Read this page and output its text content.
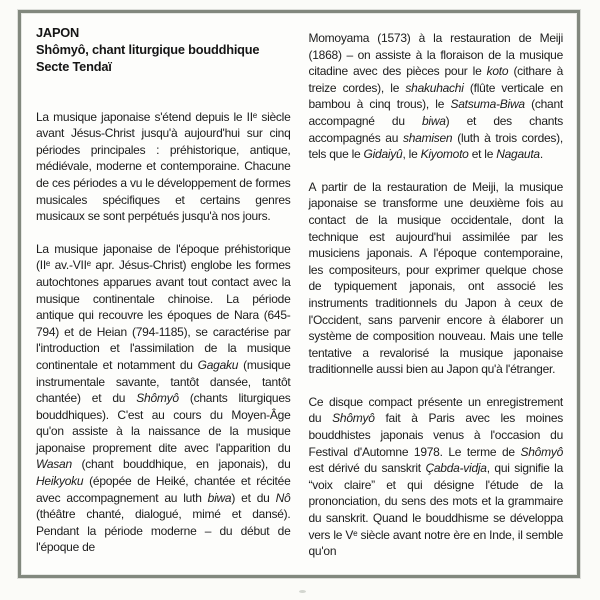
JAPON
Shômyô, chant liturgique bouddhique
Secte Tendaï

La musique japonaise s'étend depuis le IIᵉ siècle avant Jésus-Christ jusqu'à aujourd'hui sur cinq périodes principales : préhistorique, antique, médiévale, moderne et contemporaine. Chacune de ces périodes a vu le développement de formes musicales spécifiques et certains genres musicaux se sont perpétués jusqu'à nos jours.

La musique japonaise de l'époque préhistorique (IIᵉ av.-VIIᵉ apr. Jésus-Christ) englobe les formes autochtones apparues avant tout contact avec la musique continentale chinoise. La période antique qui recouvre les époques de Nara (645-794) et de Heian (794-1185), se caractérise par l'introduction et l'assimilation de la musique continentale et notamment du Gagaku (musique instrumentale savante, tantôt dansée, tantôt chantée) et du Shômyô (chants liturgiques bouddhiques). C'est au cours du Moyen-Âge qu'on assiste à la naissance de la musique japonaise proprement dite avec l'apparition du Wasan (chant bouddhique, en japonais), du Heikyoku (épopée de Heiké, chantée et récitée avec accompagnement au luth biwa) et du Nô (théâtre chanté, dialogué, mimé et dansé). Pendant la période moderne – du début de l'époque de

Momoyama (1573) à la restauration de Meiji (1868) – on assiste à la floraison de la musique citadine avec des pièces pour le koto (cithare à treize cordes), le shakuhachi (flûte verticale en bambou à cinq trous), le Satsuma-Biwa (chant accompagné du biwa) et des chants accompagnés au shamisen (luth à trois cordes), tels que le Gidaiyû, le Kiyomoto et le Nagauta.

A partir de la restauration de Meiji, la musique japonaise se transforme une deuxième fois au contact de la musique occidentale, dont la technique est aujourd'hui assimilée par les musiciens japonais. A l'époque contemporaine, les compositeurs, pour exprimer quelque chose de typiquement japonais, ont associé les instruments traditionnels du Japon à ceux de l'Occident, sans parvenir encore à élaborer un système de composition nouveau. Mais une telle tentative a revalorisé la musique japonaise traditionnelle aussi bien au Japon qu'à l'étranger.

Ce disque compact présente un enregistrement du Shômyô fait à Paris avec les moines bouddhistes japonais venus à l'occasion du Festival d'Automne 1978. Le terme de Shômyô est dérivé du sanskrit Çabda-vidja, qui signifie la “voix claire” et qui désigne l'étude de la prononciation, du sens des mots et la grammaire du sanskrit. Quand le bouddhisme se développa vers le Vᵉ siècle avant notre ère en Inde, il semble qu'on
